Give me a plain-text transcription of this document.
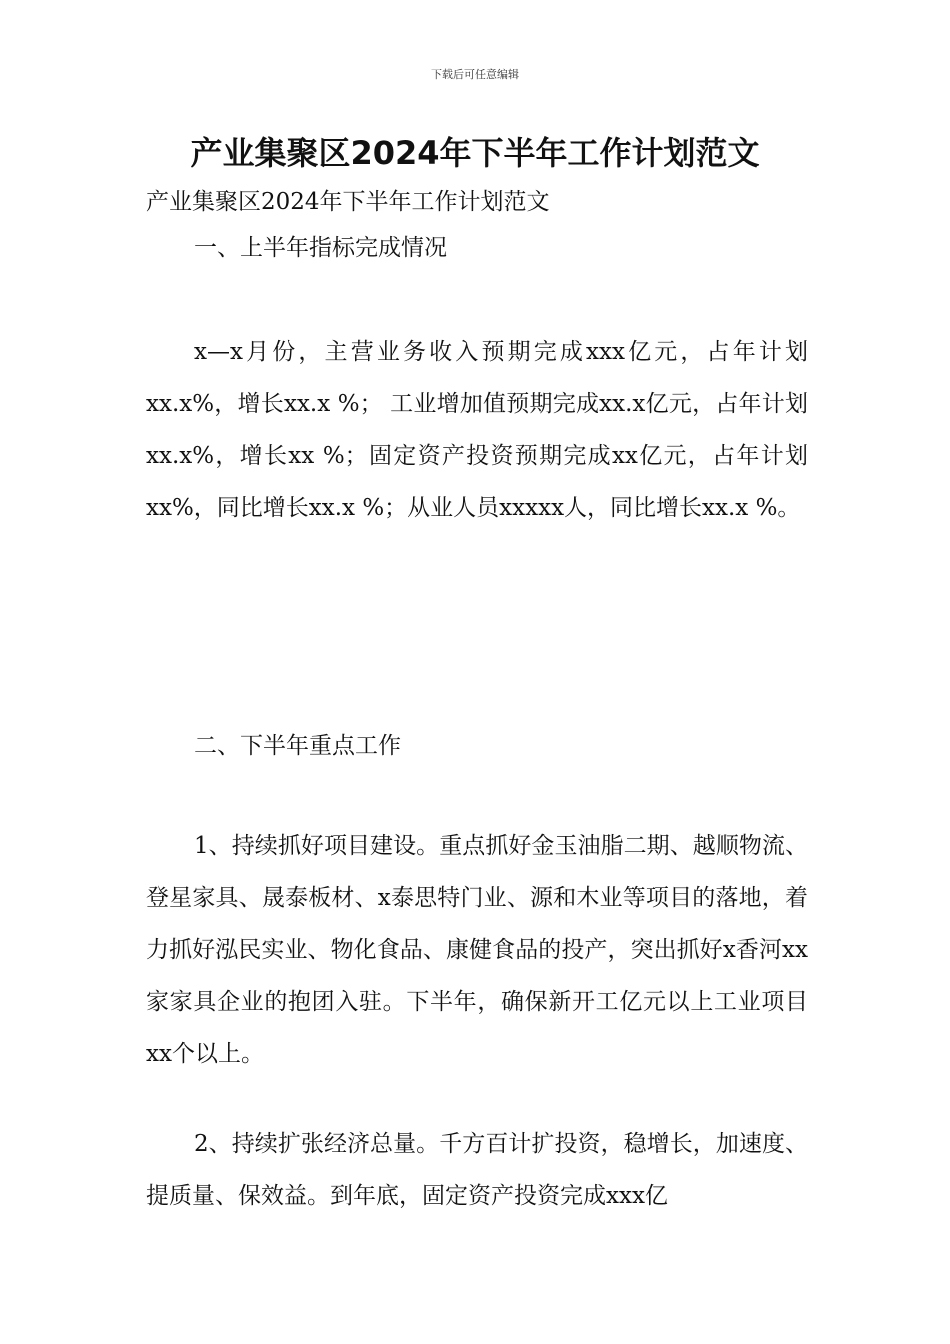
下载后可任意编辑
产业集聚区2024年下半年工作计划范文
产业集聚区2024年下半年工作计划范文
一、上半年指标完成情况
x—x月份，主营业务收入预期完成xxx亿元，占年计划xx.x%，增长xx.x %； 工业增加值预期完成xx.x亿元，占年计划xx.x%，增长xx %；固定资产投资预期完成xx亿元，占年计划xx%，同比增长xx.x %；从业人员xxxxx人，同比增长xx.x %。
二、下半年重点工作
1、持续抓好项目建设。重点抓好金玉油脂二期、越顺物流、登星家具、晟泰板材、x泰思特门业、源和木业等项目的落地，着力抓好泓民实业、物化食品、康健食品的投产，突出抓好x香河xx家家具企业的抱团入驻。下半年，确保新开工亿元以上工业项目xx个以上。
2、持续扩张经济总量。千方百计扩投资，稳增长，加速度、提质量、保效益。到年底，固定资产投资完成xxx亿
